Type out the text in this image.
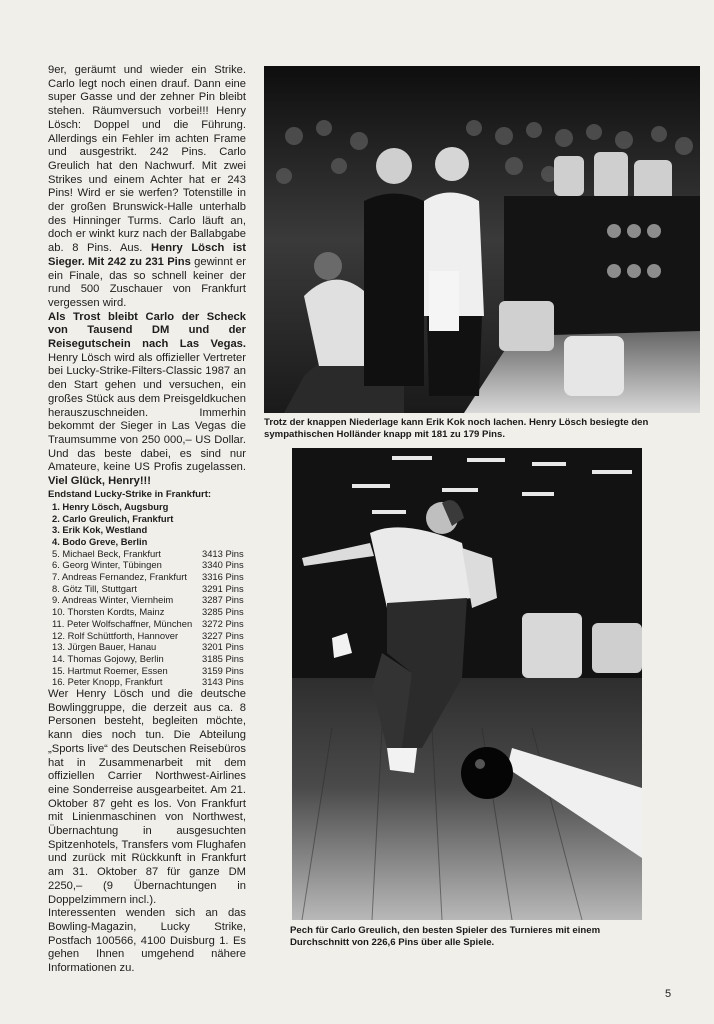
9er, geräumt und wieder ein Strike. Carlo legt noch einen drauf. Dann eine super Gasse und der zehner Pin bleibt stehen. Räumversuch vorbei!!! Henry Lösch: Doppel und die Führung. Allerdings ein Fehler im achten Frame und ausgestrikt. 242 Pins. Carlo Greulich hat den Nachwurf. Mit zwei Strikes und einem Achter hat er 243 Pins! Wird er sie werfen? Totenstille in der großen Brunswick-Halle unterhalb des Hinninger Turms. Carlo läuft an, doch er winkt kurz nach der Ballabgabe ab. 8 Pins. Aus. Henry Lösch ist Sieger. Mit 242 zu 231 Pins gewinnt er ein Finale, das so schnell keiner der rund 500 Zuschauer von Frankfurt vergessen wird.

Als Trost bleibt Carlo der Scheck von Tausend DM und der Reisegutschein nach Las Vegas. Henry Lösch wird als offizieller Vertreter bei Lucky-Strike-Filters-Classic 1987 an den Start gehen und versuchen, ein großes Stück aus dem Preisgeldkuchen herauszuschneiden. Immerhin bekommt der Sieger in Las Vegas die Traumsumme von 250 000,– US Dollar. Und das beste dabei, es sind nur Amateure, keine US Profis zugelassen. Viel Glück, Henry!!!

Endstand Lucky-Strike in Frankfurt:
1. Henry Lösch, Augsburg
2. Carlo Greulich, Frankfurt
3. Erik Kok, Westland
4. Bodo Greve, Berlin
5. Michael Beck, Frankfurt	3413 Pins
6. Georg Winter, Tübingen	3340 Pins
7. Andreas Fernandez, Frankfurt 3316 Pins
8. Götz Till, Stuttgart	3291 Pins
9. Andreas Winter, Viernheim	3287 Pins
10. Thorsten Kordts, Mainz	3285 Pins
11. Peter Wolfschaffner, München 3272 Pins
12. Rolf Schüttforth, Hannover	3227 Pins
13. Jürgen Bauer, Hanau	3201 Pins
14. Thomas Gojowy, Berlin	3185 Pins
15. Hartmut Roemer, Essen	3159 Pins
16. Peter Knopp, Frankfurt	3143 Pins

Wer Henry Lösch und die deutsche Bowlinggruppe, die derzeit aus ca. 8 Personen besteht, begleiten möchte, kann dies noch tun. Die Abteilung „Sports live“ des Deutschen Reisebüros hat in Zusammenarbeit mit dem offiziellen Carrier Northwest-Airlines eine Sonderreise ausgearbeitet. Am 21. Oktober 87 geht es los. Von Frankfurt mit Linienmaschinen von Northwest, Übernachtung in ausgesuchten Spitzenhotels, Transfers vom Flughafen und zurück mit Rückkunft in Frankfurt am 31. Oktober 87 für ganze DM 2250,– (9 Übernachtungen in Doppelzimmern incl.).

Interessenten wenden sich an das Bowling-Magazin, Lucky Strike, Postfach 100566, 4100 Duisburg 1. Es gehen Ihnen umgehend nähere Informationen zu.

Trotz der knappen Niederlage kann Erik Kok noch lachen. Henry Lösch besiegte den sympathischen Holländer knapp mit 181 zu 179 Pins.
Pech für Carlo Greulich, den besten Spieler des Turnieres mit einem Durchschnitt von 226,6 Pins über alle Spiele.
5
